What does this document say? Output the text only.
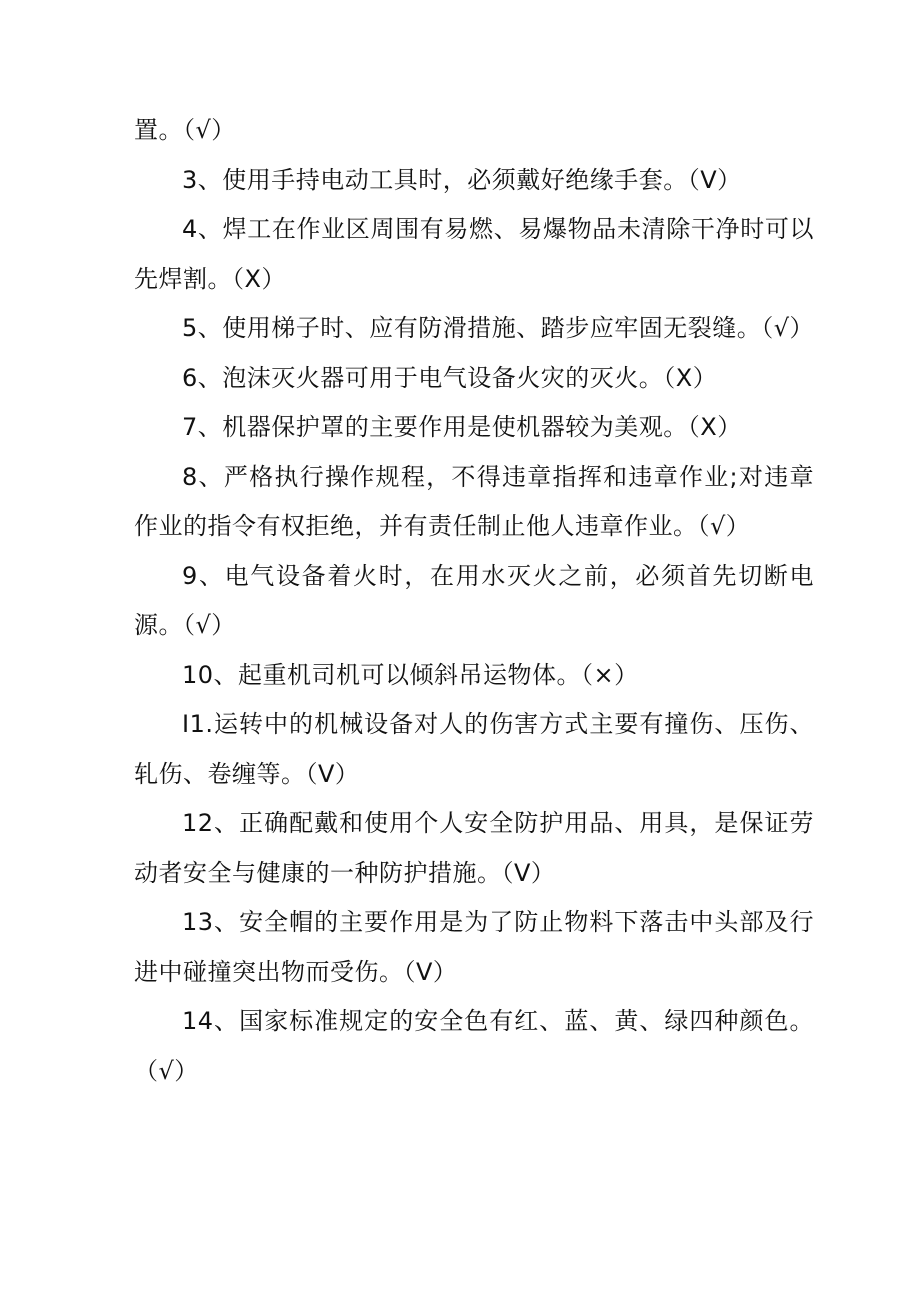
置。（√）

3、使用手持电动工具时，必须戴好绝缘手套。（V）

4、焊工在作业区周围有易燃、易爆物品未清除干净时可以先焊割。（X）

5、使用梯子时、应有防滑措施、踏步应牢固无裂缝。（√）

6、泡沫灭火器可用于电气设备火灾的灭火。（X）

7、机器保护罩的主要作用是使机器较为美观。（X）

8、严格执行操作规程，不得违章指挥和违章作业;对违章作业的指令有权拒绝，并有责任制止他人违章作业。（√）

9、电气设备着火时，在用水灭火之前，必须首先切断电源。（√）

10、起重机司机可以倾斜吊运物体。（×）

I1.运转中的机械设备对人的伤害方式主要有撞伤、压伤、轧伤、卷缠等。（V）

12、正确配戴和使用个人安全防护用品、用具，是保证劳动者安全与健康的一种防护措施。（V）

13、安全帽的主要作用是为了防止物料下落击中头部及行进中碰撞突出物而受伤。（V）

14、国家标准规定的安全色有红、蓝、黄、绿四种颜色。（√）
